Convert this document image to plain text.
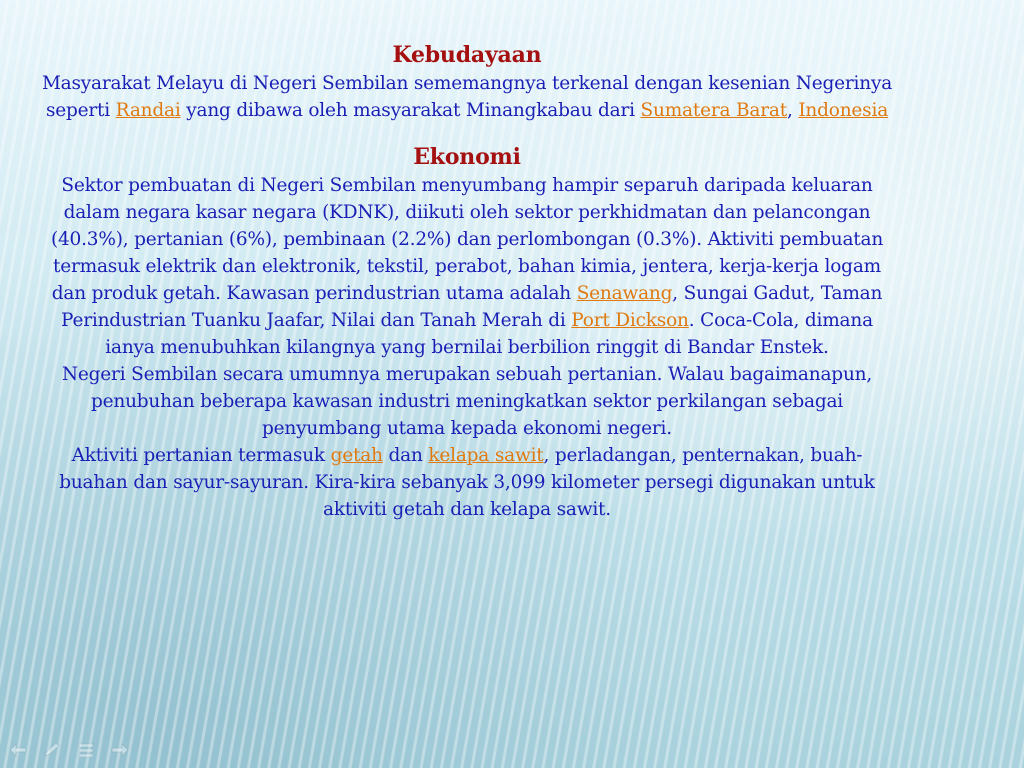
Kebudayaan

Masyarakat Melayu di Negeri Sembilan sememangnya terkenal dengan kesenian Negerinya seperti Randai yang dibawa oleh masyarakat Minangkabau dari Sumatera Barat, Indonesia

Ekonomi

Sektor pembuatan di Negeri Sembilan menyumbang hampir separuh daripada keluaran dalam negara kasar negara (KDNK), diikuti oleh sektor perkhidmatan dan pelancongan (40.3%), pertanian (6%), pembinaan (2.2%) dan perlombongan (0.3%). Aktiviti pembuatan termasuk elektrik dan elektronik, tekstil, perabot, bahan kimia, jentera, kerja-kerja logam dan produk getah. Kawasan perindustrian utama adalah Senawang, Sungai Gadut, Taman Perindustrian Tuanku Jaafar, Nilai dan Tanah Merah di Port Dickson. Coca-Cola, dimana ianya menubuhkan kilangnya yang bernilai berbilion ringgit di Bandar Enstek.

Negeri Sembilan secara umumnya merupakan sebuah pertanian. Walau bagaimanapun, penubuhan beberapa kawasan industri meningkatkan sektor perkilangan sebagai penyumbang utama kepada ekonomi negeri.

Aktiviti pertanian termasuk getah dan kelapa sawit, perladangan, penternakan, buah-buahan dan sayur-sayuran. Kira-kira sebanyak 3,099 kilometer persegi digunakan untuk aktiviti getah dan kelapa sawit.
